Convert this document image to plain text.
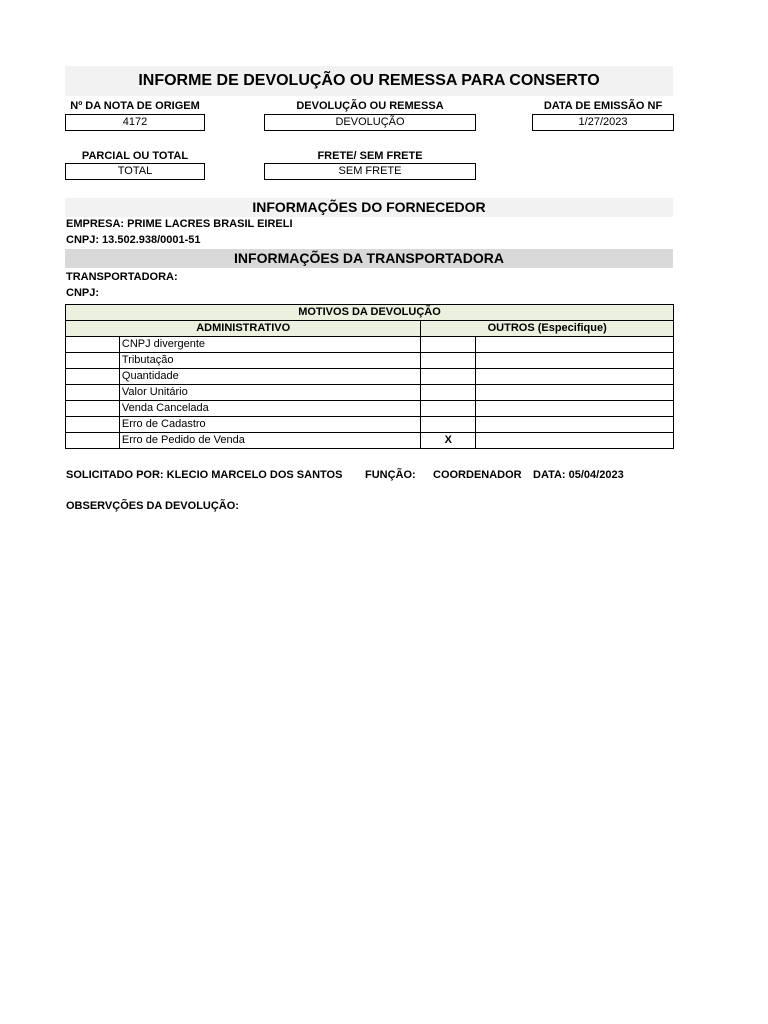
INFORME DE DEVOLUÇÃO OU REMESSA PARA CONSERTO
Nº DA NOTA DE ORIGEM
4172
DEVOLUÇÃO OU REMESSA
DEVOLUÇÃO
DATA DE EMISSÃO NF
1/27/2023
PARCIAL OU TOTAL
TOTAL
FRETE/ SEM FRETE
SEM FRETE
INFORMAÇÕES DO FORNECEDOR
EMPRESA: PRIME LACRES BRASIL EIRELI
CNPJ: 13.502.938/0001-51
INFORMAÇÕES DA TRANSPORTADORA
TRANSPORTADORA:
CNPJ:
MOTIVOS DA DEVOLUÇÃO			
ADMINISTRATIVO		OUTROS (Especifique)	
	CNPJ divergente		
	Tributação		
	Quantidade		
	Valor Unitário		
	Venda Cancelada		
	Erro de Cadastro		
	Erro de Pedido de Venda	X	
SOLICITADO POR: KLECIO MARCELO DOS SANTOS FUNÇÃO: COORDENADOR DATA: 05/04/2023
OBSERVÇÕES DA DEVOLUÇÃO:
